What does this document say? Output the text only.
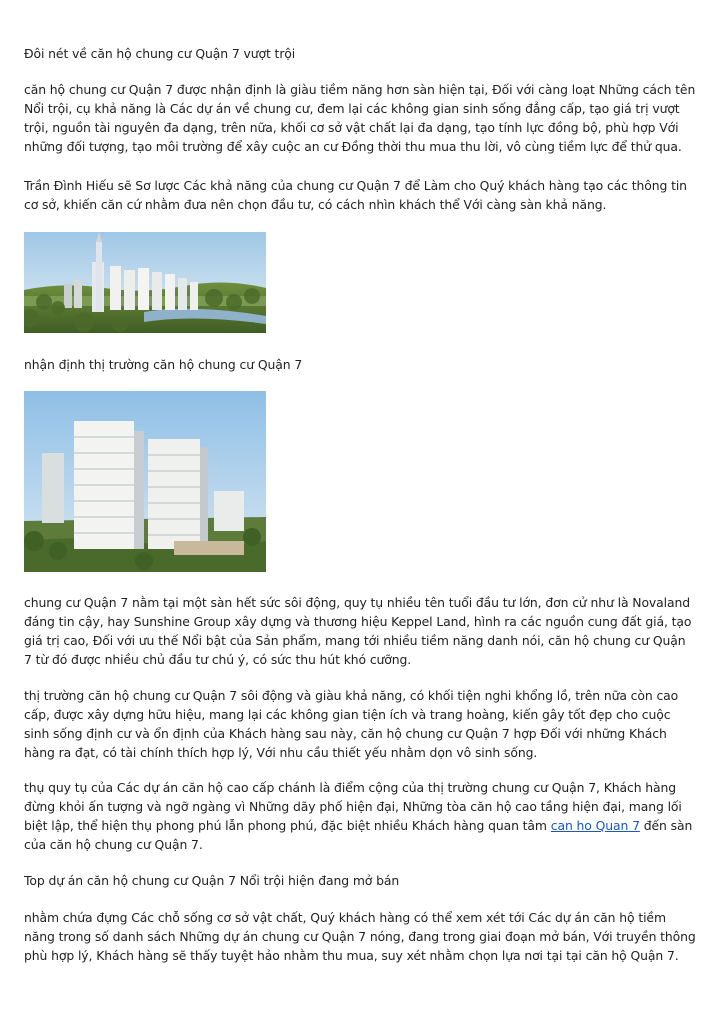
Đôi nét về căn hộ chung cư Quận 7 vượt trội

căn hộ chung cư Quận 7 được nhận định là giàu tiềm năng hơn sàn hiện tại, Đối với càng loạt Những cách tên Nổi trội, cụ khả năng là Các dự án về chung cư, đem lại các không gian sinh sống đẳng cấp, tạo giá trị vượt trội, nguồn tài nguyên đa dạng, trên nữa, khối cơ sở vật chất lại đa dạng, tạo tính lực đồng bộ, phù hợp Với những đối tượng, tạo môi trường để xây cuộc an cư Đồng thời thu mua thu lời, vô cùng tiềm lực để thử qua.

Trần Đình Hiếu sẽ Sơ lược Các khả năng của chung cư Quận 7 để Làm cho Quý khách hàng tạo các thông tin cơ sở, khiến căn cứ nhằm đưa nên chọn đầu tư, có cách nhìn khách thể Với càng sàn khả năng.

nhận định thị trường căn hộ chung cư Quận 7

chung cư Quận 7 nằm tại một sàn hết sức sôi động, quy tụ nhiều tên tuổi đầu tư lớn, đơn cử như là Novaland đáng tin cậy, hay Sunshine Group xây dựng và thương hiệu Keppel Land, hình ra các nguồn cung đất giá, tạo giá trị cao, Đối với ưu thế Nổi bật của Sản phẩm, mang tới nhiều tiềm năng danh nói, căn hộ chung cư Quận 7 từ đó được nhiều chủ đầu tư chú ý, có sức thu hút khó cưỡng.

thị trường căn hộ chung cư Quận 7 sôi động và giàu khả năng, có khối tiện nghi khổng lồ, trên nữa còn cao cấp, được xây dựng hữu hiệu, mang lại các không gian tiện ích và trang hoàng, kiến gây tốt đẹp cho cuộc sinh sống định cư và ổn định của Khách hàng sau này, căn hộ chung cư Quận 7 hợp Đối với những Khách hàng ra đạt, có tài chính thích hợp lý, Với nhu cầu thiết yếu nhằm dọn vô sinh sống.

thụ quy tụ của Các dự án căn hộ cao cấp chánh là điểm cộng của thị trường chung cư Quận 7, Khách hàng đừng khỏi ấn tượng và ngỡ ngàng vì Những dãy phố hiện đại, Những tòa căn hộ cao tầng hiện đại, mang lối biệt lập, thể hiện thụ phong phú lẫn phong phú, đặc biệt nhiều Khách hàng quan tâm can ho Quan 7 đến sàn của căn hộ chung cư Quận 7.

Top dự án căn hộ chung cư Quận 7 Nổi trội hiện đang mở bán

nhằm chứa đựng Các chỗ sống cơ sở vật chất, Quý khách hàng có thể xem xét tới Các dự án căn hộ tiềm năng trong số danh sách Những dự án chung cư Quận 7 nóng, đang trong giai đoạn mở bán, Với truyền thông phù hợp lý, Khách hàng sẽ thấy tuyệt hảo nhằm thu mua, suy xét nhằm chọn lựa nơi tại tại căn hộ Quận 7.
